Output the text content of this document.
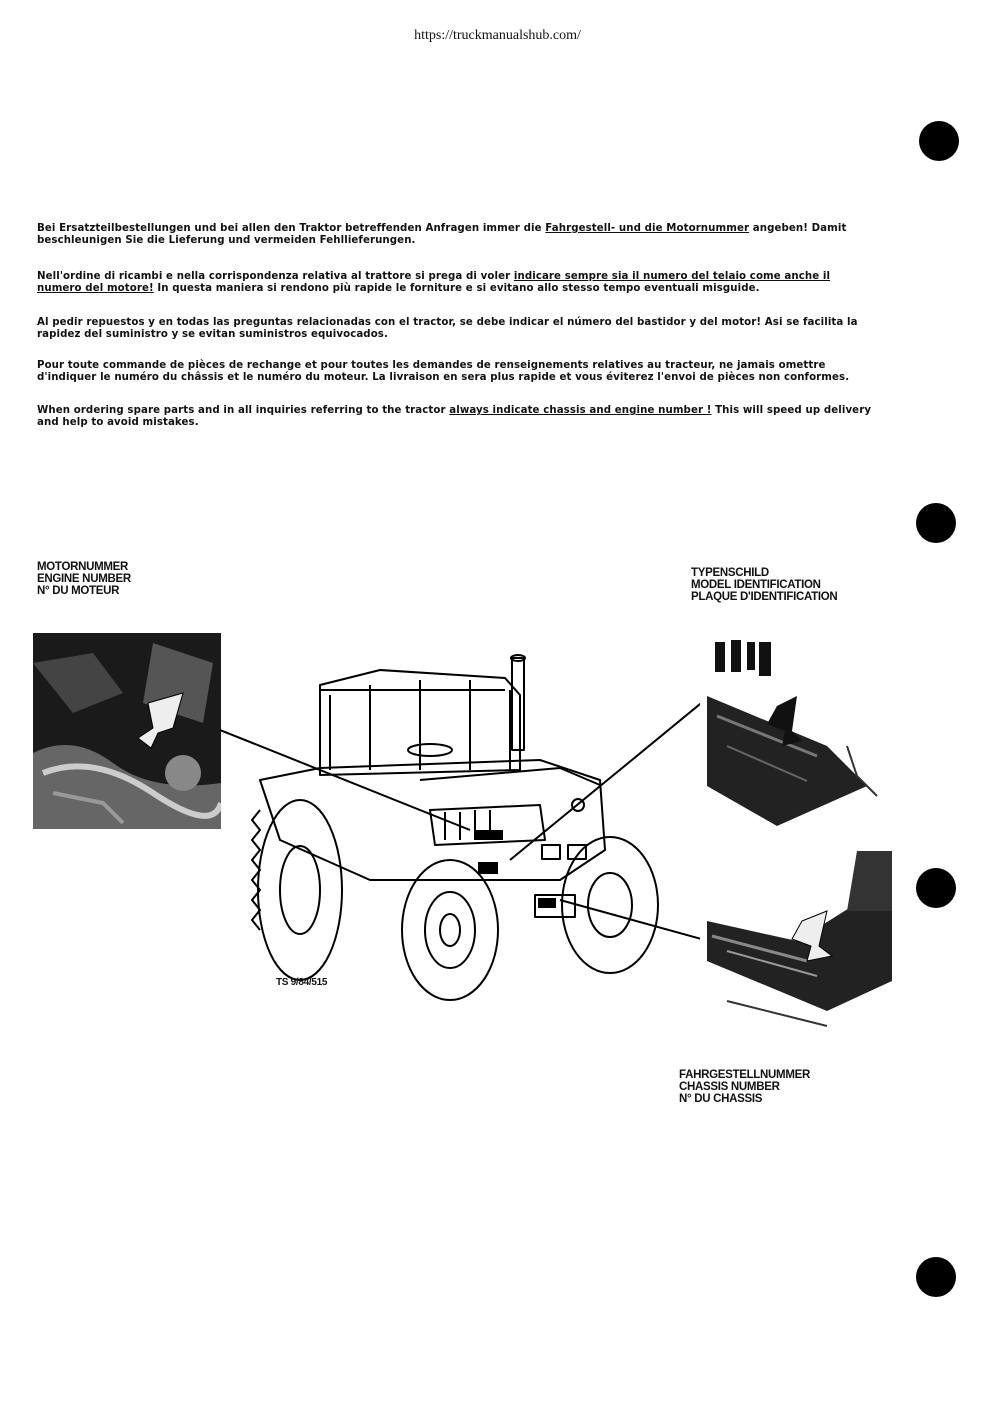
https://truckmanualshub.com/
Bei Ersatzteilbestellungen und bei allen den Traktor betreffenden Anfragen immer die Fahrgestell- und die Motornummer angeben! Damit beschleunigen Sie die Lieferung und vermeiden Fehllieferungen.
Nell'ordine di ricambi e nella corrispondenza relativa al trattore si prega di voler indicare sempre sia il numero del telaio come anche il numero del motore! In questa maniera si rendono più rapide le forniture e si evitano allo stesso tempo eventuali misguide.
Al pedir repuestos y en todas las preguntas relacionadas con el tractor, se debe indicar el número del bastidor y del motor! Asi se facilita la rapidez del suministro y se evitan suministros equivocados.
Pour toute commande de pièces de rechange et pour toutes les demandes de renseignements relatives au tracteur, ne jamais omettre d'indiquer le numéro du châssis et le numéro du moteur. La livraison en sera plus rapide et vous éviterez l'envoi de pièces non conformes.
When ordering spare parts and in all inquiries referring to the tractor always indicate chassis and engine number ! This will speed up delivery and help to avoid mistakes.
MOTORNUMMER
ENGINE NUMBER
N° DU MOTEUR
TYPENSCHILD
MODEL IDENTIFICATION
PLAQUE D'IDENTIFICATION
FAHRGESTELLNUMMER
CHASSIS NUMBER
N° DU CHASSIS
TS 9/84/515
